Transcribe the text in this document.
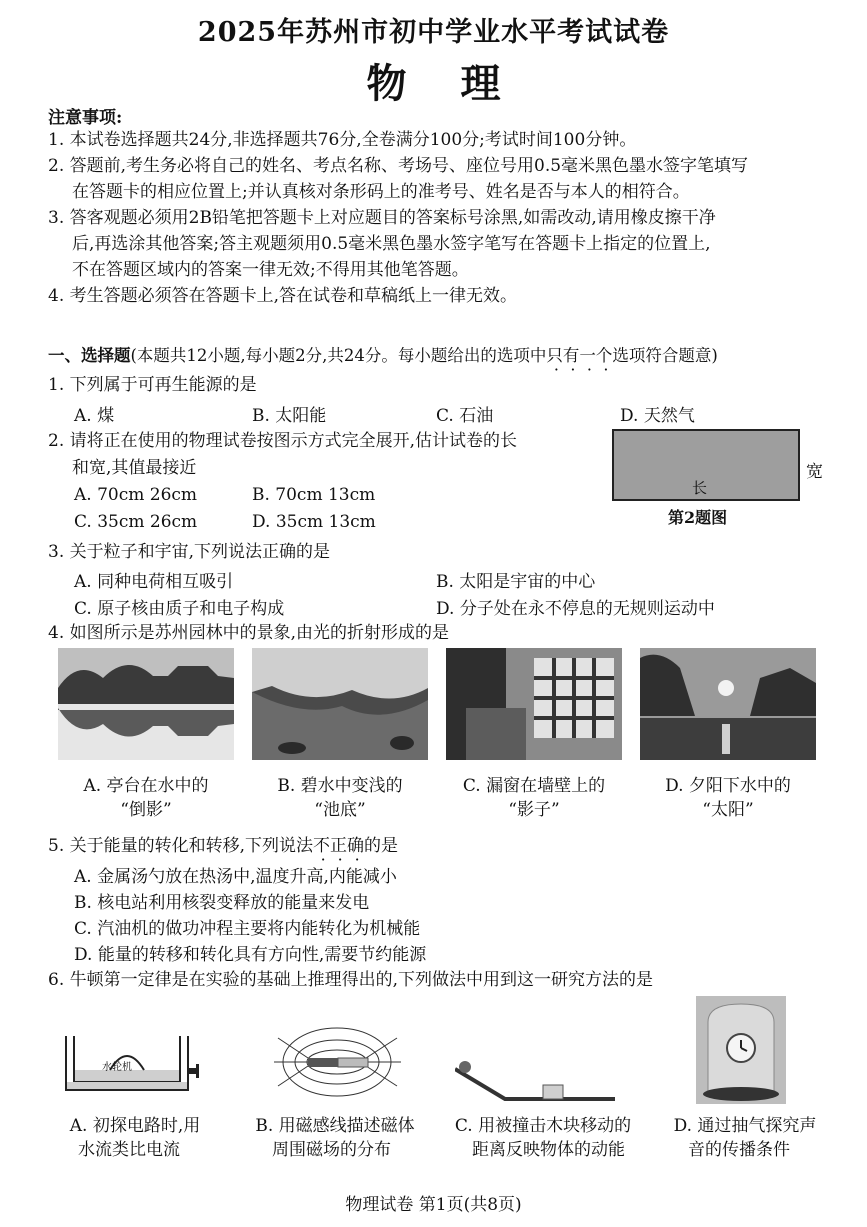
2025年苏州市初中学业水平考试试卷
物 理
注意事项:
1. 本试卷选择题共24分,非选择题共76分,全卷满分100分;考试时间100分钟。
2. 答题前,考生务必将自己的姓名、考点名称、考场号、座位号用0.5毫米黑色墨水签字笔填写
在答题卡的相应位置上;并认真核对条形码上的准考号、姓名是否与本人的相符合。
3. 答客观题必须用2B铅笔把答题卡上对应题目的答案标号涂黑,如需改动,请用橡皮擦干净
后,再选涂其他答案;答主观题须用0.5毫米黑色墨水签字笔写在答题卡上指定的位置上,
不在答题区域内的答案一律无效;不得用其他笔答题。
4. 考生答题必须答在答题卡上,答在试卷和草稿纸上一律无效。
一、选择题(本题共12小题,每小题2分,共24分。每小题给出的选项中只有一个选项符合题意)
1. 下列属于可再生能源的是
A. 煤	B. 太阳能	C. 石油	D. 天然气
2. 请将正在使用的物理试卷按图示方式完全展开,估计试卷的长
和宽,其值最接近
A. 70cm 26cm	B. 70cm 13cm
C. 35cm 26cm	D. 35cm 13cm
长
宽
第2题图
3. 关于粒子和宇宙,下列说法正确的是
A. 同种电荷相互吸引	B. 太阳是宇宙的中心
C. 原子核由质子和电子构成	D. 分子处在永不停息的无规则运动中
4. 如图所示是苏州园林中的景象,由光的折射形成的是
A. 亭台在水中的
“倒影”
B. 碧水中变浅的
“池底”
C. 漏窗在墙壁上的
“影子”
D. 夕阳下水中的
“太阳”
5. 关于能量的转化和转移,下列说法不正确的是
A. 金属汤勺放在热汤中,温度升高,内能减小
B. 核电站利用核裂变释放的能量来发电
C. 汽油机的做功冲程主要将内能转化为机械能
D. 能量的转移和转化具有方向性,需要节约能源
6. 牛顿第一定律是在实验的基础上推理得出的,下列做法中用到这一研究方法的是
水轮机
A. 初探电路时,用
水流类比电流
B. 用磁感线描述磁体
周围磁场的分布
C. 用被撞击木块移动的
距离反映物体的动能
D. 通过抽气探究声
音的传播条件
物理试卷 第1页(共8页)
